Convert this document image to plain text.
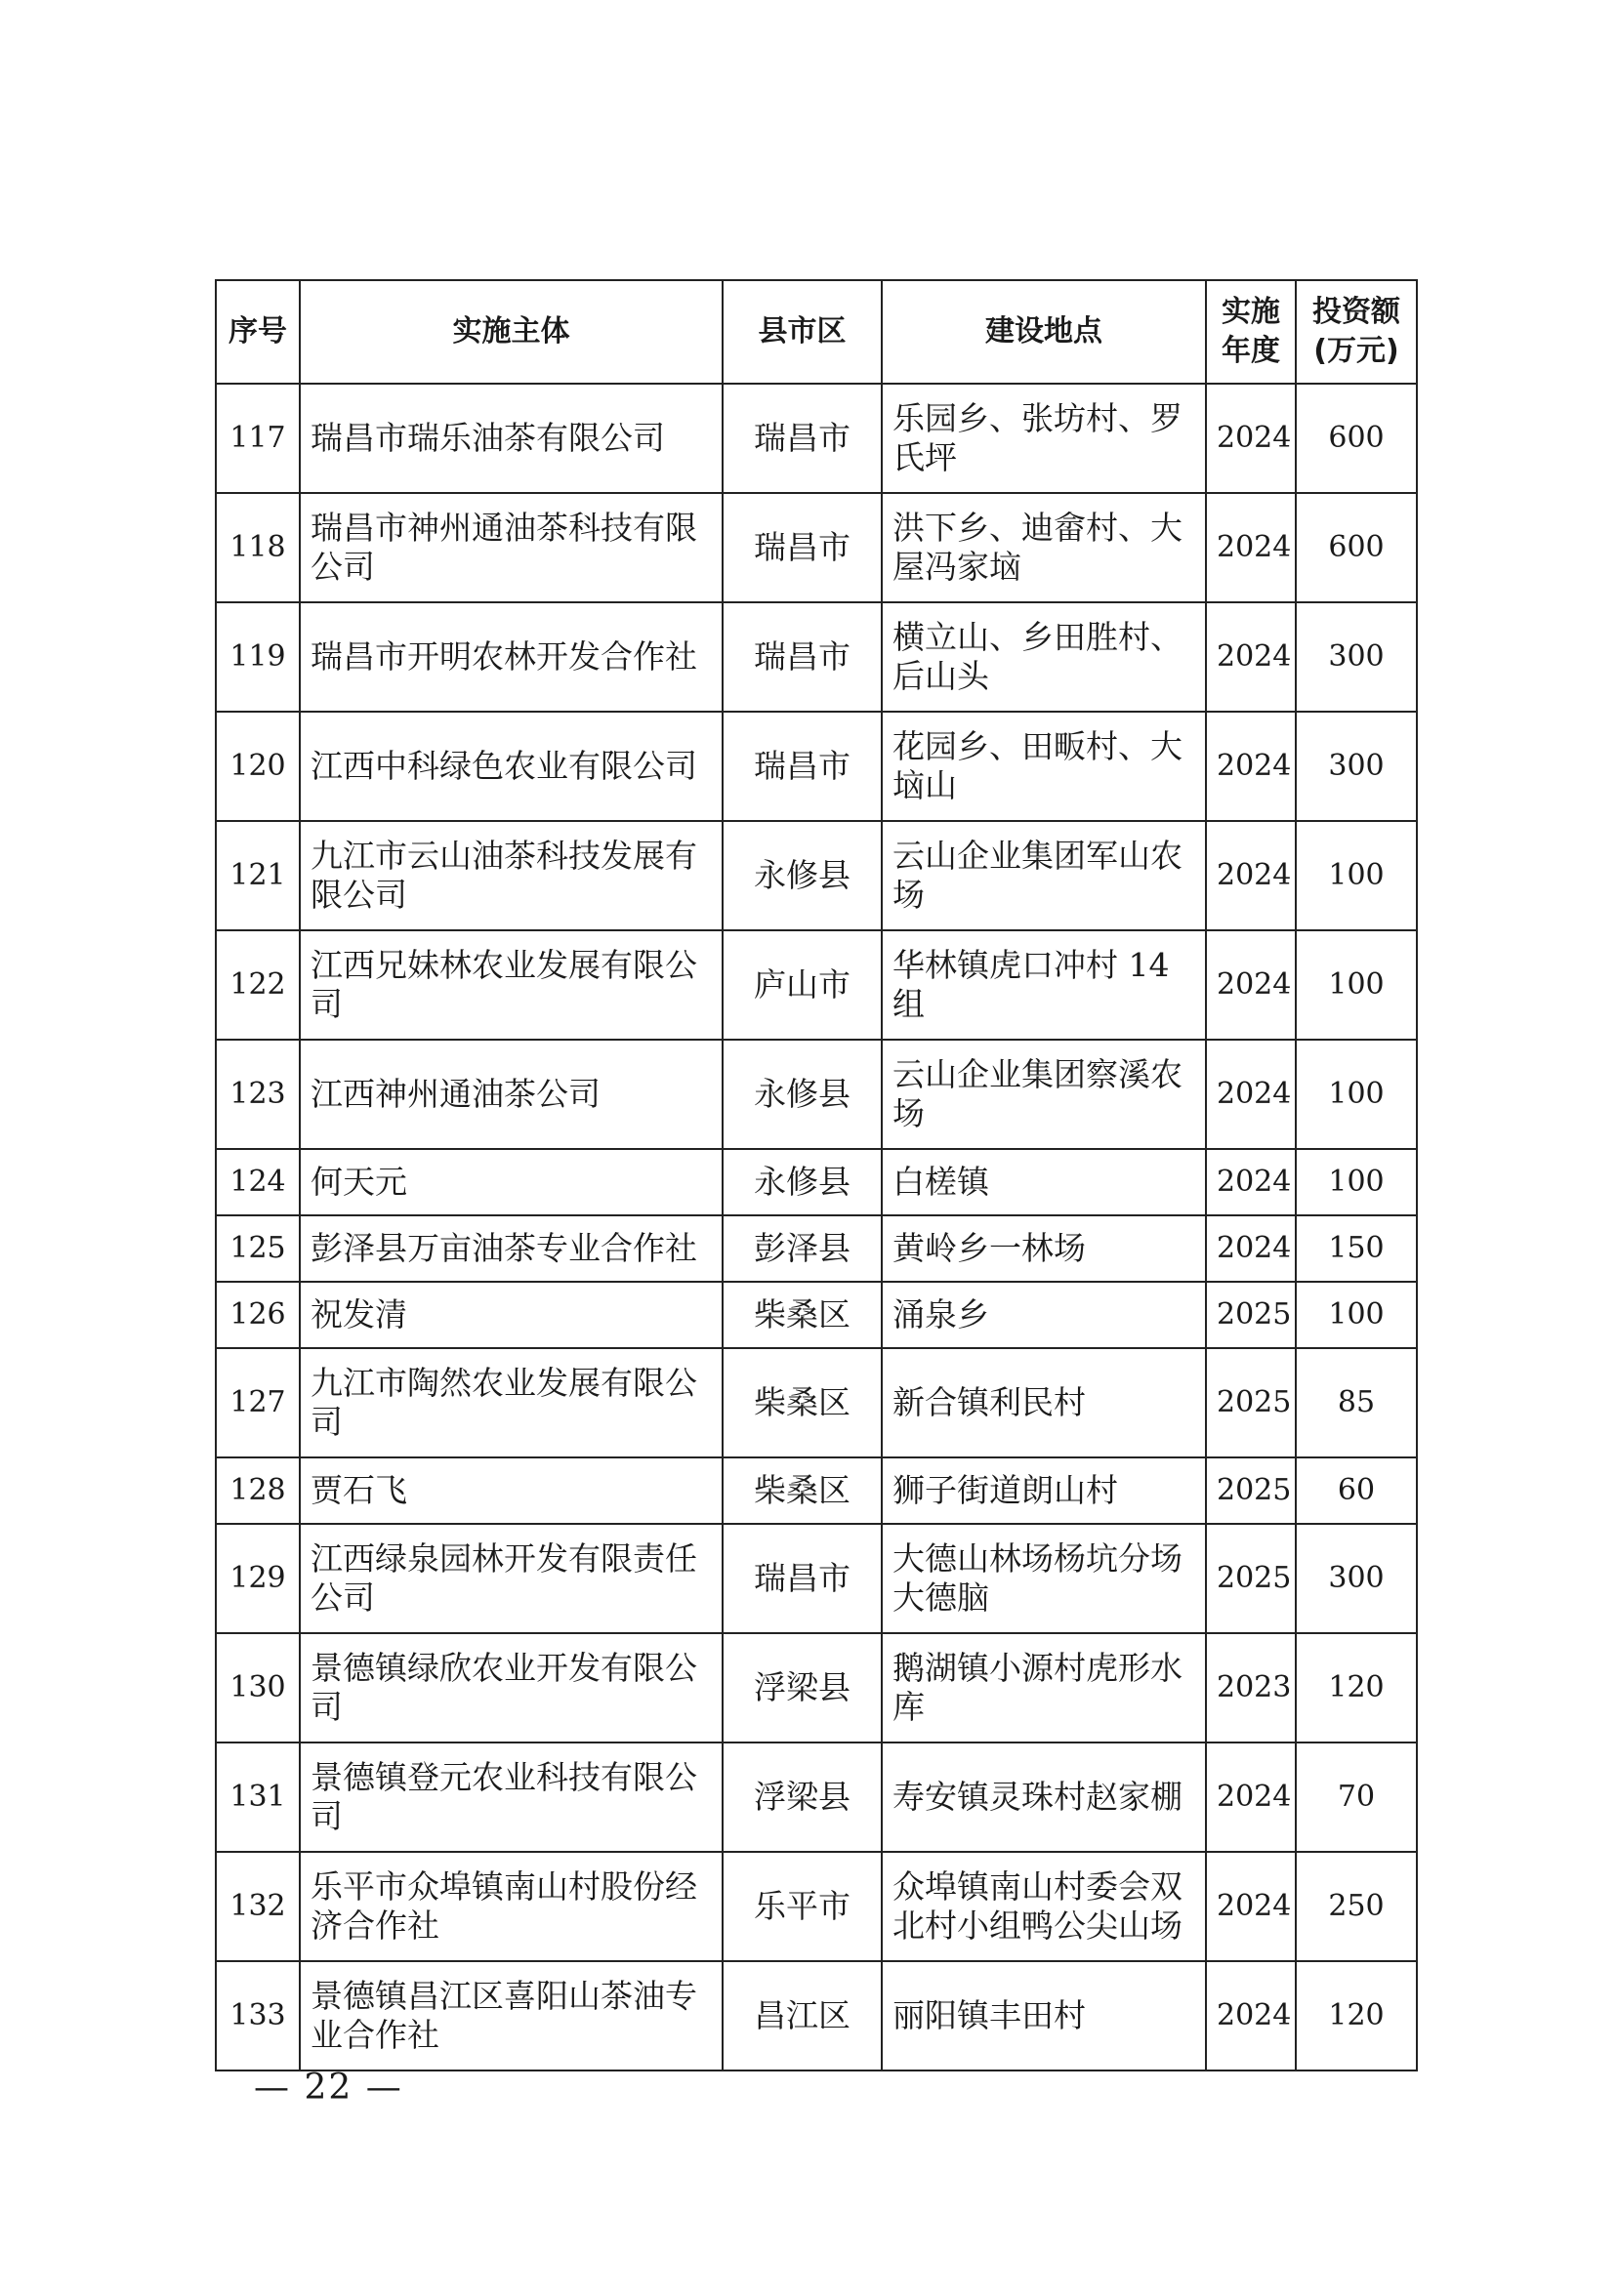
序号	实施主体	县市区	建设地点	实施年度	投资额(万元)
117	瑞昌市瑞乐油茶有限公司	瑞昌市	乐园乡、张坊村、罗氏坪	2024	600
118	瑞昌市神州通油茶科技有限公司	瑞昌市	洪下乡、迪畲村、大屋冯家垴	2024	600
119	瑞昌市开明农林开发合作社	瑞昌市	横立山、乡田胜村、后山头	2024	300
120	江西中科绿色农业有限公司	瑞昌市	花园乡、田畈村、大垴山	2024	300
121	九江市云山油茶科技发展有限公司	永修县	云山企业集团军山农场	2024	100
122	江西兄妹林农业发展有限公司	庐山市	华林镇虎口冲村 14 组	2024	100
123	江西神州通油茶公司	永修县	云山企业集团察溪农场	2024	100
124	何天元	永修县	白槎镇	2024	100
125	彭泽县万亩油茶专业合作社	彭泽县	黄岭乡一林场	2024	150
126	祝发清	柴桑区	涌泉乡	2025	100
127	九江市陶然农业发展有限公司	柴桑区	新合镇利民村	2025	85
128	贾石飞	柴桑区	狮子街道朗山村	2025	60
129	江西绿泉园林开发有限责任公司	瑞昌市	大德山林场杨坑分场大德脑	2025	300
130	景德镇绿欣农业开发有限公司	浮梁县	鹅湖镇小源村虎形水库	2023	120
131	景德镇登元农业科技有限公司	浮梁县	寿安镇灵珠村赵家棚	2024	70
132	乐平市众埠镇南山村股份经济合作社	乐平市	众埠镇南山村委会双北村小组鸭公尖山场	2024	250
133	景德镇昌江区喜阳山茶油专业合作社	昌江区	丽阳镇丰田村	2024	120
— 22 —
